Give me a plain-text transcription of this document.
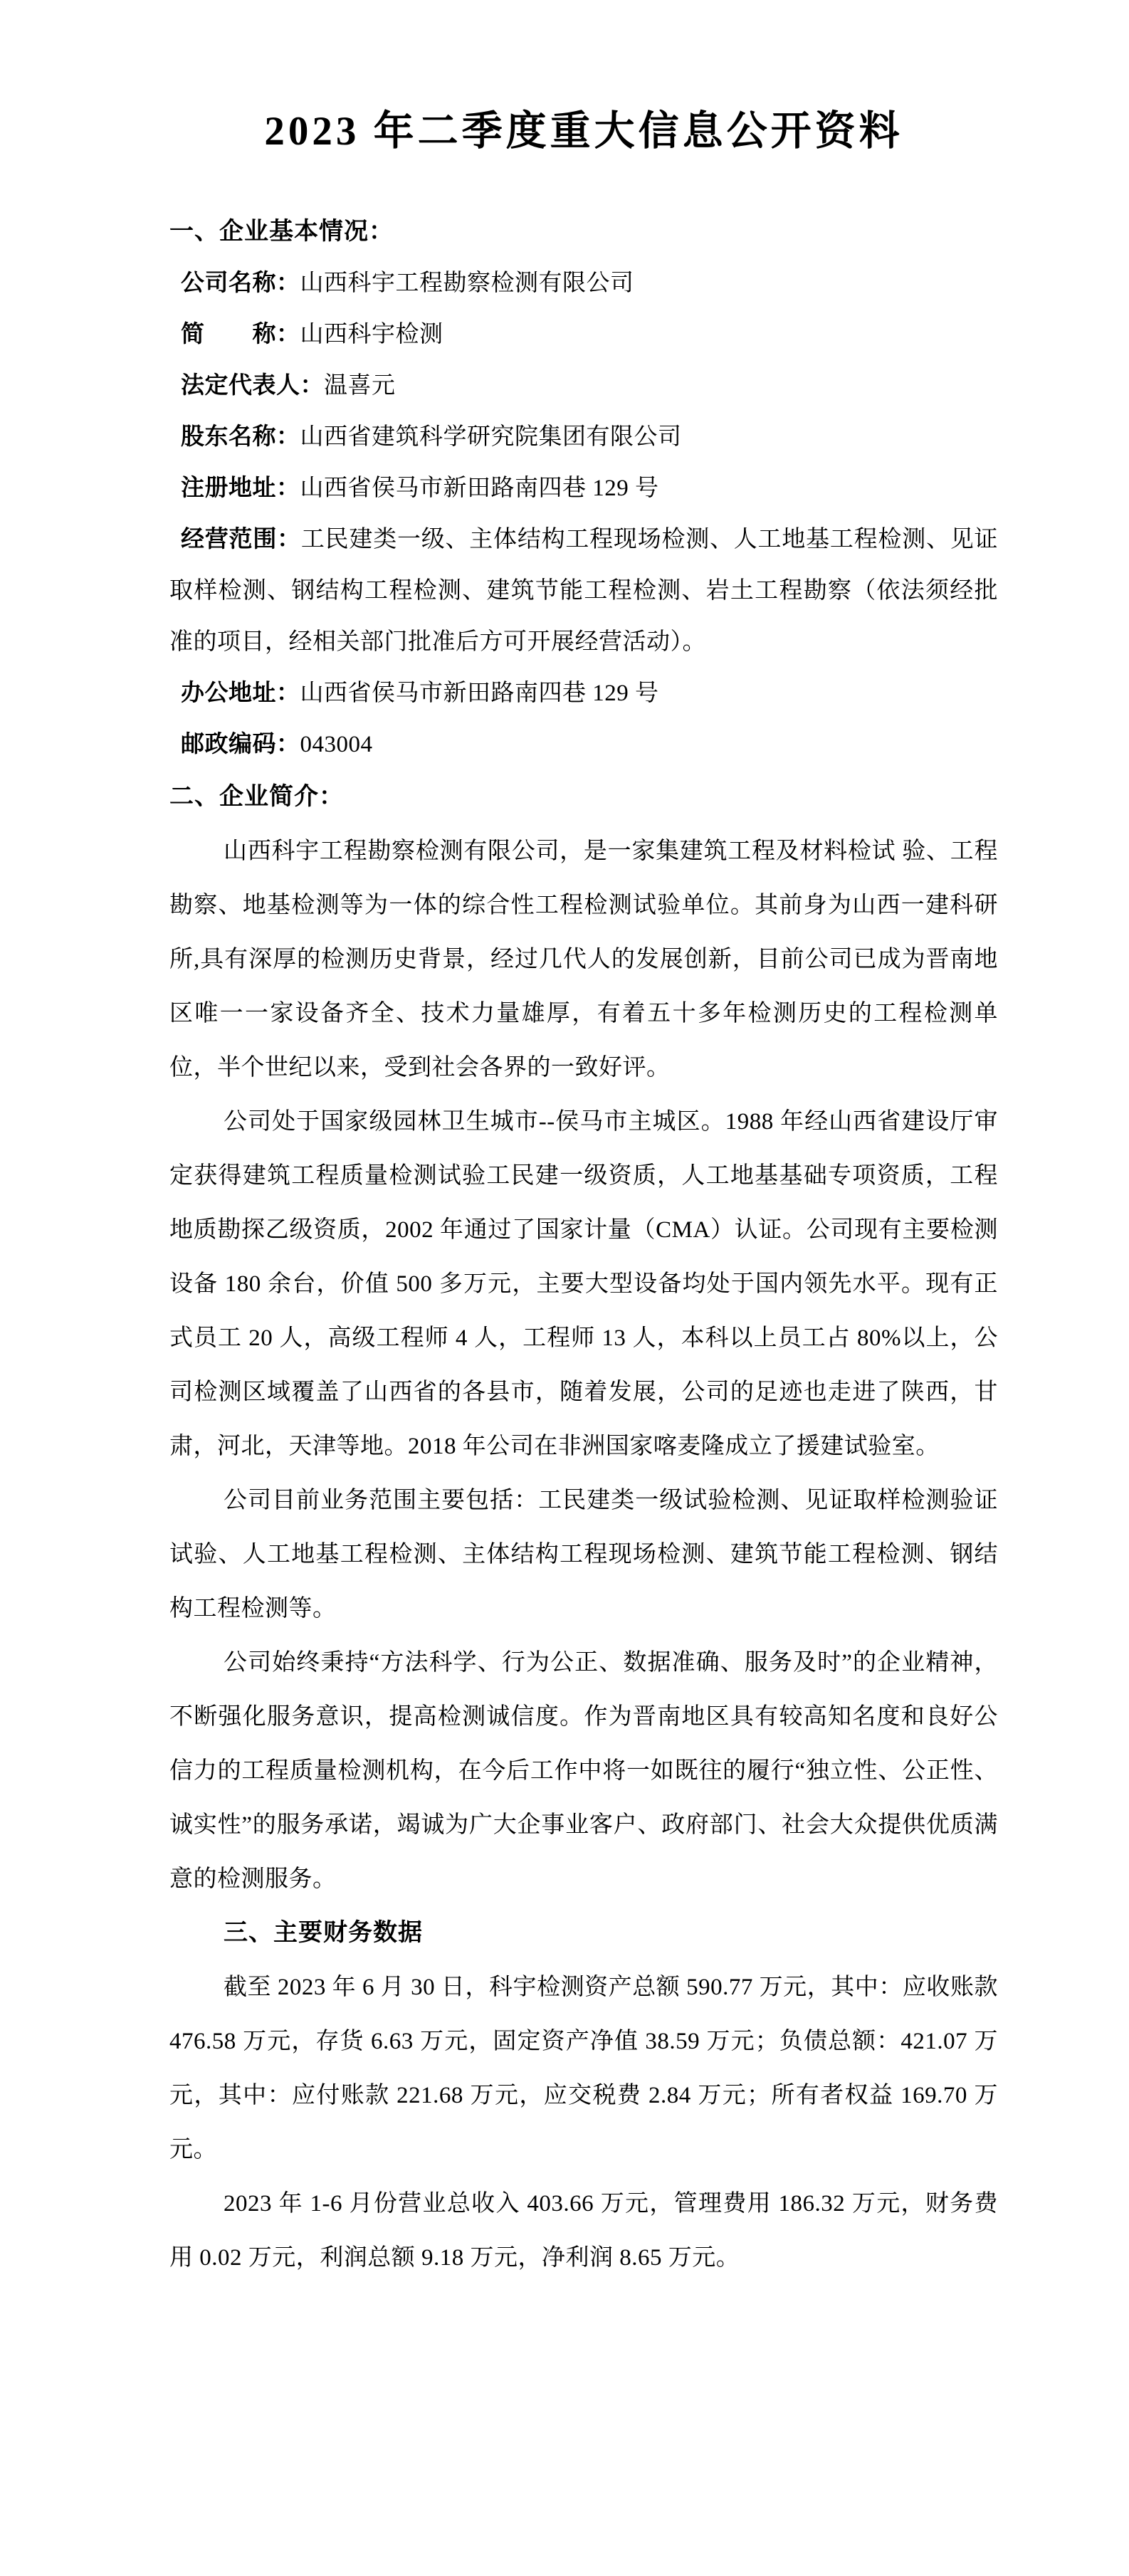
2023 年二季度重大信息公开资料
一、企业基本情况：

公司名称：山西科宇工程勘察检测有限公司

简　　称：山西科宇检测

法定代表人：温喜元

股东名称：山西省建筑科学研究院集团有限公司

注册地址：山西省侯马市新田路南四巷 129 号

经营范围：工民建类一级、主体结构工程现场检测、人工地基工程检测、见证取样检测、钢结构工程检测、建筑节能工程检测、岩土工程勘察（依法须经批准的项目，经相关部门批准后方可开展经营活动）。

办公地址：山西省侯马市新田路南四巷 129 号

邮政编码：043004

二、企业简介：

山西科宇工程勘察检测有限公司，是一家集建筑工程及材料检试 验、工程勘察、地基检测等为一体的综合性工程检测试验单位。其前身为山西一建科研所,具有深厚的检测历史背景，经过几代人的发展创新，目前公司已成为晋南地区唯一一家设备齐全、技术力量雄厚，有着五十多年检测历史的工程检测单位，半个世纪以来，受到社会各界的一致好评。

公司处于国家级园林卫生城市--侯马市主城区。1988 年经山西省建设厅审定获得建筑工程质量检测试验工民建一级资质，人工地基基础专项资质，工程地质勘探乙级资质，2002 年通过了国家计量（CMA）认证。公司现有主要检测设备 180 余台，价值 500 多万元，主要大型设备均处于国内领先水平。现有正式员工 20 人，高级工程师 4 人，工程师 13 人，本科以上员工占 80%以上，公司检测区域覆盖了山西省的各县市，随着发展，公司的足迹也走进了陕西，甘肃，河北，天津等地。2018 年公司在非洲国家喀麦隆成立了援建试验室。

公司目前业务范围主要包括：工民建类一级试验检测、见证取样检测验证试验、人工地基工程检测、主体结构工程现场检测、建筑节能工程检测、钢结构工程检测等。

公司始终秉持“方法科学、行为公正、数据准确、服务及时”的企业精神，不断强化服务意识，提高检测诚信度。作为晋南地区具有较高知名度和良好公信力的工程质量检测机构，在今后工作中将一如既往的履行“独立性、公正性、诚实性”的服务承诺，竭诚为广大企事业客户、政府部门、社会大众提供优质满意的检测服务。

三、主要财务数据

截至 2023 年 6 月 30 日，科宇检测资产总额 590.77 万元，其中：应收账款 476.58 万元，存货 6.63 万元，固定资产净值 38.59 万元；负债总额：421.07 万元，其中：应付账款 221.68 万元，应交税费 2.84 万元；所有者权益 169.70 万元。

2023 年 1-6 月份营业总收入 403.66 万元，管理费用 186.32 万元，财务费用 0.02 万元，利润总额 9.18 万元，净利润 8.65 万元。
